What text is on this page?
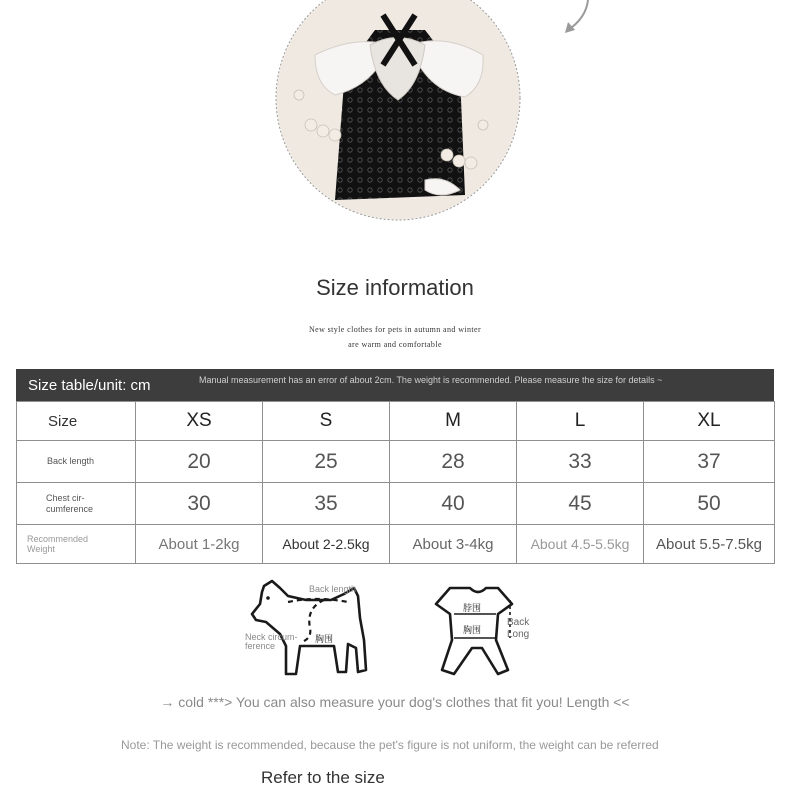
Size information
New style clothes for pets in autumn and winter
are warm and comfortable
Size table/unit: cm	Manual measurement has an error of about 2cm. The weight is recommended. Please measure the size for details ~
Size	XS	S	M	L	XL
Back length	20	25	28	33	37
Chest cir-
cumference	30	35	40	45	50
Recommended
Weight	About 1-2kg	About 2-2.5kg	About 3-4kg	About 4.5-5.5kg	About 5.5-7.5kg
Back length
Neck circum-
ference
胸围
脖围
胸围
Back
Long
→ cold ***> You can also measure your dog's clothes that fit you! Length <<
Note: The weight is recommended, because the pet's figure is not uniform, the weight can be referred
Refer to the size
